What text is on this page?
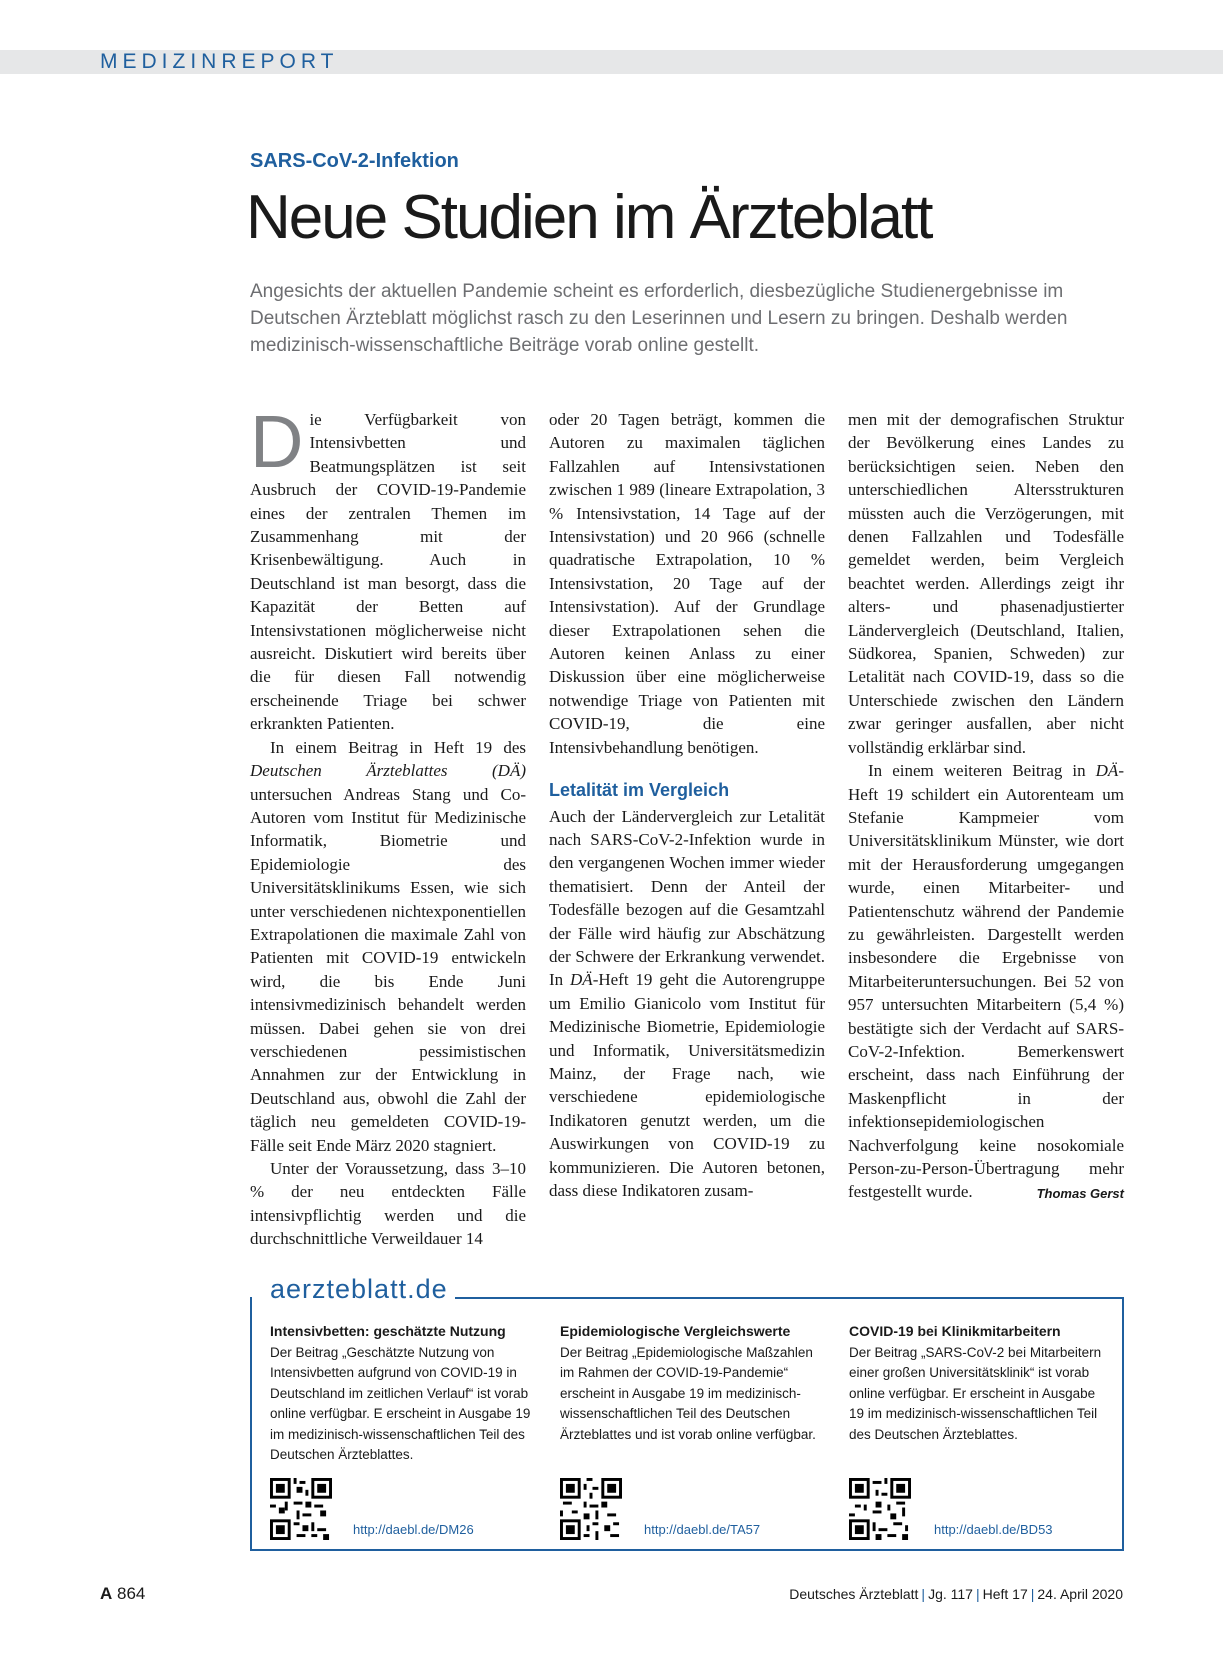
MEDIZINREPORT
SARS-CoV-2-Infektion
Neue Studien im Ärzteblatt

Angesichts der aktuellen Pandemie scheint es erforderlich, diesbezügliche Studienergebnisse im Deutschen Ärzteblatt möglichst rasch zu den Leserinnen und Lesern zu bringen. Deshalb werden medizinisch-wissenschaftliche Beiträge vorab online gestellt.

Die Verfügbarkeit von Intensivbetten und Beatmungsplätzen ist seit Ausbruch der COVID-19-Pandemie eines der zentralen Themen im Zusammenhang mit der Krisenbewältigung. Auch in Deutschland ist man besorgt, dass die Kapazität der Betten auf Intensivstationen möglicherweise nicht ausreicht. Diskutiert wird bereits über die für diesen Fall notwendig erscheinende Triage bei schwer erkrankten Patienten.

In einem Beitrag in Heft 19 des Deutschen Ärzteblattes (DÄ) untersuchen Andreas Stang und Co-Autoren vom Institut für Medizinische Informatik, Biometrie und Epidemiologie des Universitätsklinikums Essen, wie sich unter verschiedenen nichtexponentiellen Extrapolationen die maximale Zahl von Patienten mit COVID-19 entwickeln wird, die bis Ende Juni intensivmedizinisch behandelt werden müssen. Dabei gehen sie von drei verschiedenen pessimistischen Annahmen zur der Entwicklung in Deutschland aus, obwohl die Zahl der täglich neu gemeldeten COVID-19-Fälle seit Ende März 2020 stagniert.

Unter der Voraussetzung, dass 3–10 % der neu entdeckten Fälle intensivpflichtig werden und die durchschnittliche Verweildauer 14

oder 20 Tagen beträgt, kommen die Autoren zu maximalen täglichen Fallzahlen auf Intensivstationen zwischen 1 989 (lineare Extrapolation, 3 % Intensivstation, 14 Tage auf der Intensivstation) und 20 966 (schnelle quadratische Extrapolation, 10 % Intensivstation, 20 Tage auf der Intensivstation). Auf der Grundlage dieser Extrapolationen sehen die Autoren keinen Anlass zu einer Diskussion über eine möglicherweise notwendige Triage von Patienten mit COVID-19, die eine Intensivbehandlung benötigen.

Letalität im Vergleich

Auch der Ländervergleich zur Letalität nach SARS-CoV-2-Infektion wurde in den vergangenen Wochen immer wieder thematisiert. Denn der Anteil der Todesfälle bezogen auf die Gesamtzahl der Fälle wird häufig zur Abschätzung der Schwere der Erkrankung verwendet. In DÄ-Heft 19 geht die Autorengruppe um Emilio Gianicolo vom Institut für Medizinische Biometrie, Epidemiologie und Informatik, Universitätsmedizin Mainz, der Frage nach, wie verschiedene epidemiologische Indikatoren genutzt werden, um die Auswirkungen von COVID-19 zu kommunizieren. Die Autoren betonen, dass diese Indikatoren zusam-

men mit der demografischen Struktur der Bevölkerung eines Landes zu berücksichtigen seien. Neben den unterschiedlichen Altersstrukturen müssten auch die Verzögerungen, mit denen Fallzahlen und Todesfälle gemeldet werden, beim Vergleich beachtet werden. Allerdings zeigt ihr alters- und phasenadjustierter Ländervergleich (Deutschland, Italien, Südkorea, Spanien, Schweden) zur Letalität nach COVID-19, dass so die Unterschiede zwischen den Ländern zwar geringer ausfallen, aber nicht vollständig erklärbar sind.

In einem weiteren Beitrag in DÄ-Heft 19 schildert ein Autorenteam um Stefanie Kampmeier vom Universitätsklinikum Münster, wie dort mit der Herausforderung umgegangen wurde, einen Mitarbeiter- und Patientenschutz während der Pandemie zu gewährleisten. Dargestellt werden insbesondere die Ergebnisse von Mitarbeiteruntersuchungen. Bei 52 von 957 untersuchten Mitarbeitern (5,4 %) bestätigte sich der Verdacht auf SARS-CoV-2-Infektion. Bemerkenswert erscheint, dass nach Einführung der Maskenpflicht in der infektionsepidemiologischen Nachverfolgung keine nosokomiale Person-zu-Person-Übertragung mehr festgestellt wurde.	Thomas Gerst

aerzteblatt.de
Intensivbetten: geschätzte Nutzung
Der Beitrag „Geschätzte Nutzung von Intensivbetten aufgrund von COVID-19 in Deutschland im zeitlichen Verlauf“ ist vorab online verfügbar. E erscheint in Ausgabe 19 im medizinisch-wissenschaftlichen Teil des Deutschen Ärzteblattes.
Epidemiologische Vergleichswerte
Der Beitrag „Epidemiologische Maßzahlen im Rahmen der COVID-19-Pandemie“ erscheint in Ausgabe 19 im medizinisch-wissenschaftlichen Teil des Deutschen Ärzteblattes und ist vorab online verfügbar.
COVID-19 bei Klinikmitarbeitern
Der Beitrag „SARS-CoV-2 bei Mitarbeitern einer großen Universitätsklinik“ ist vorab online verfügbar. Er erscheint in Ausgabe 19 im medizinisch-wissenschaftlichen Teil des Deutschen Ärzteblattes.
http://daebl.de/DM26	http://daebl.de/TA57	http://daebl.de/BD53
A 864	Deutsches Ärzteblatt | Jg. 117 | Heft 17 | 24. April 2020
